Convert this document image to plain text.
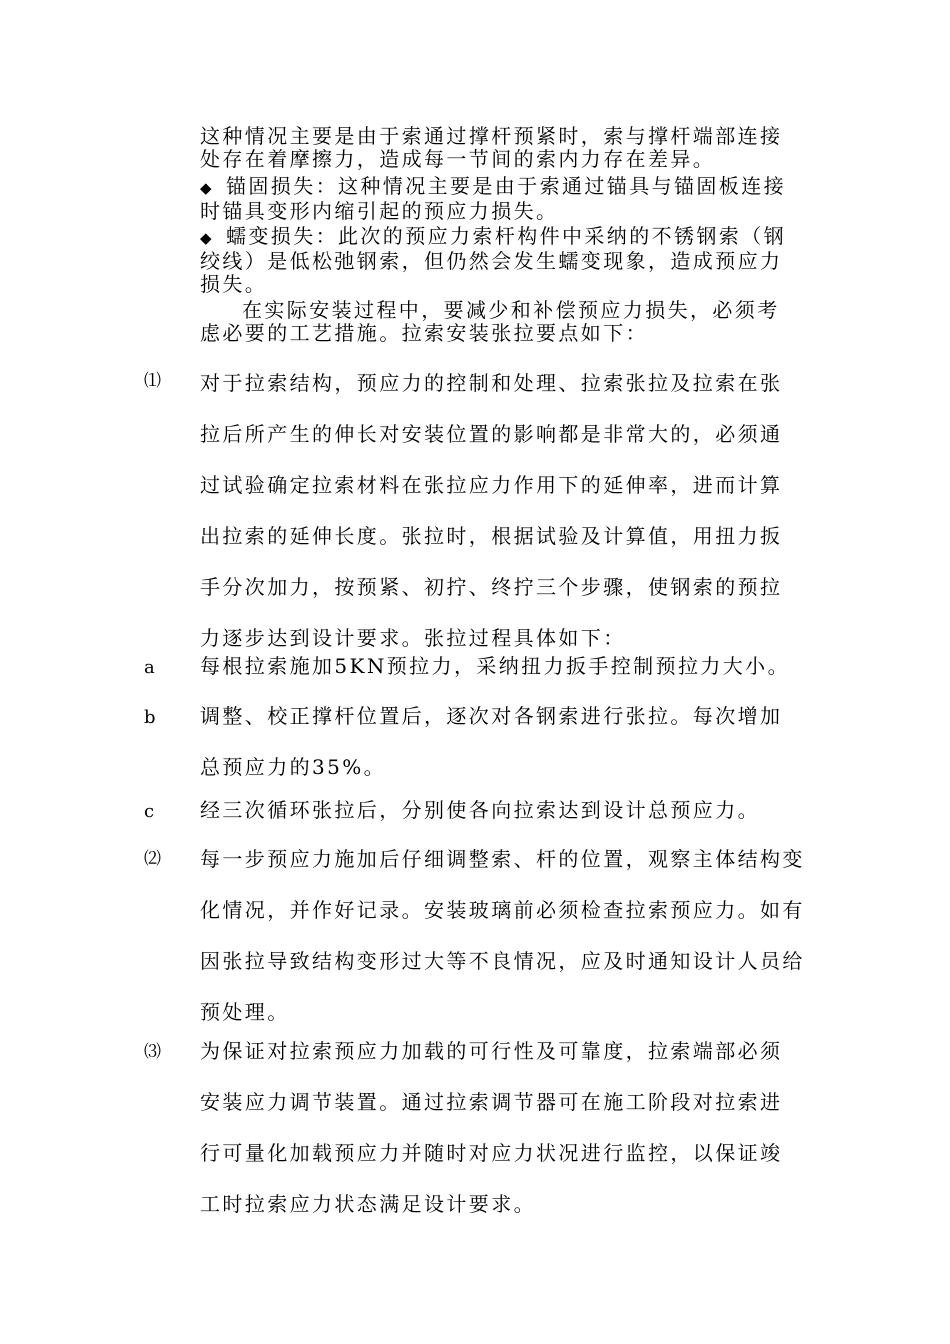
这种情况主要是由于索通过撑杆预紧时，索与撑杆端部连接
处存在着摩擦力，造成每一节间的索内力存在差异。
◆ 锚固损失：这种情况主要是由于索通过锚具与锚固板连接
时锚具变形内缩引起的预应力损失。
◆ 蠕变损失：此次的预应力索杆构件中采纳的不锈钢索（钢
绞线）是低松弛钢索，但仍然会发生蠕变现象，造成预应力
损失。
在实际安装过程中，要减少和补偿预应力损失，必须考
虑必要的工艺措施。拉索安装张拉要点如下：
⑴ 对于拉索结构，预应力的控制和处理、拉索张拉及拉索在张
拉后所产生的伸长对安装位置的影响都是非常大的，必须通
过试验确定拉索材料在张拉应力作用下的延伸率，进而计算
出拉索的延伸长度。张拉时，根据试验及计算值，用扭力扳
手分次加力，按预紧、初拧、终拧三个步骤，使钢索的预拉
力逐步达到设计要求。张拉过程具体如下：
a 每根拉索施加5KN预拉力，采纳扭力扳手控制预拉力大小。
b 调整、校正撑杆位置后，逐次对各钢索进行张拉。每次增加
总预应力的35%。
c 经三次循环张拉后，分别使各向拉索达到设计总预应力。
⑵ 每一步预应力施加后仔细调整索、杆的位置，观察主体结构变
化情况，并作好记录。安装玻璃前必须检查拉索预应力。如有
因张拉导致结构变形过大等不良情况，应及时通知设计人员给
预处理。
⑶ 为保证对拉索预应力加载的可行性及可靠度，拉索端部必须
安装应力调节装置。通过拉索调节器可在施工阶段对拉索进
行可量化加载预应力并随时对应力状况进行监控，以保证竣
工时拉索应力状态满足设计要求。
